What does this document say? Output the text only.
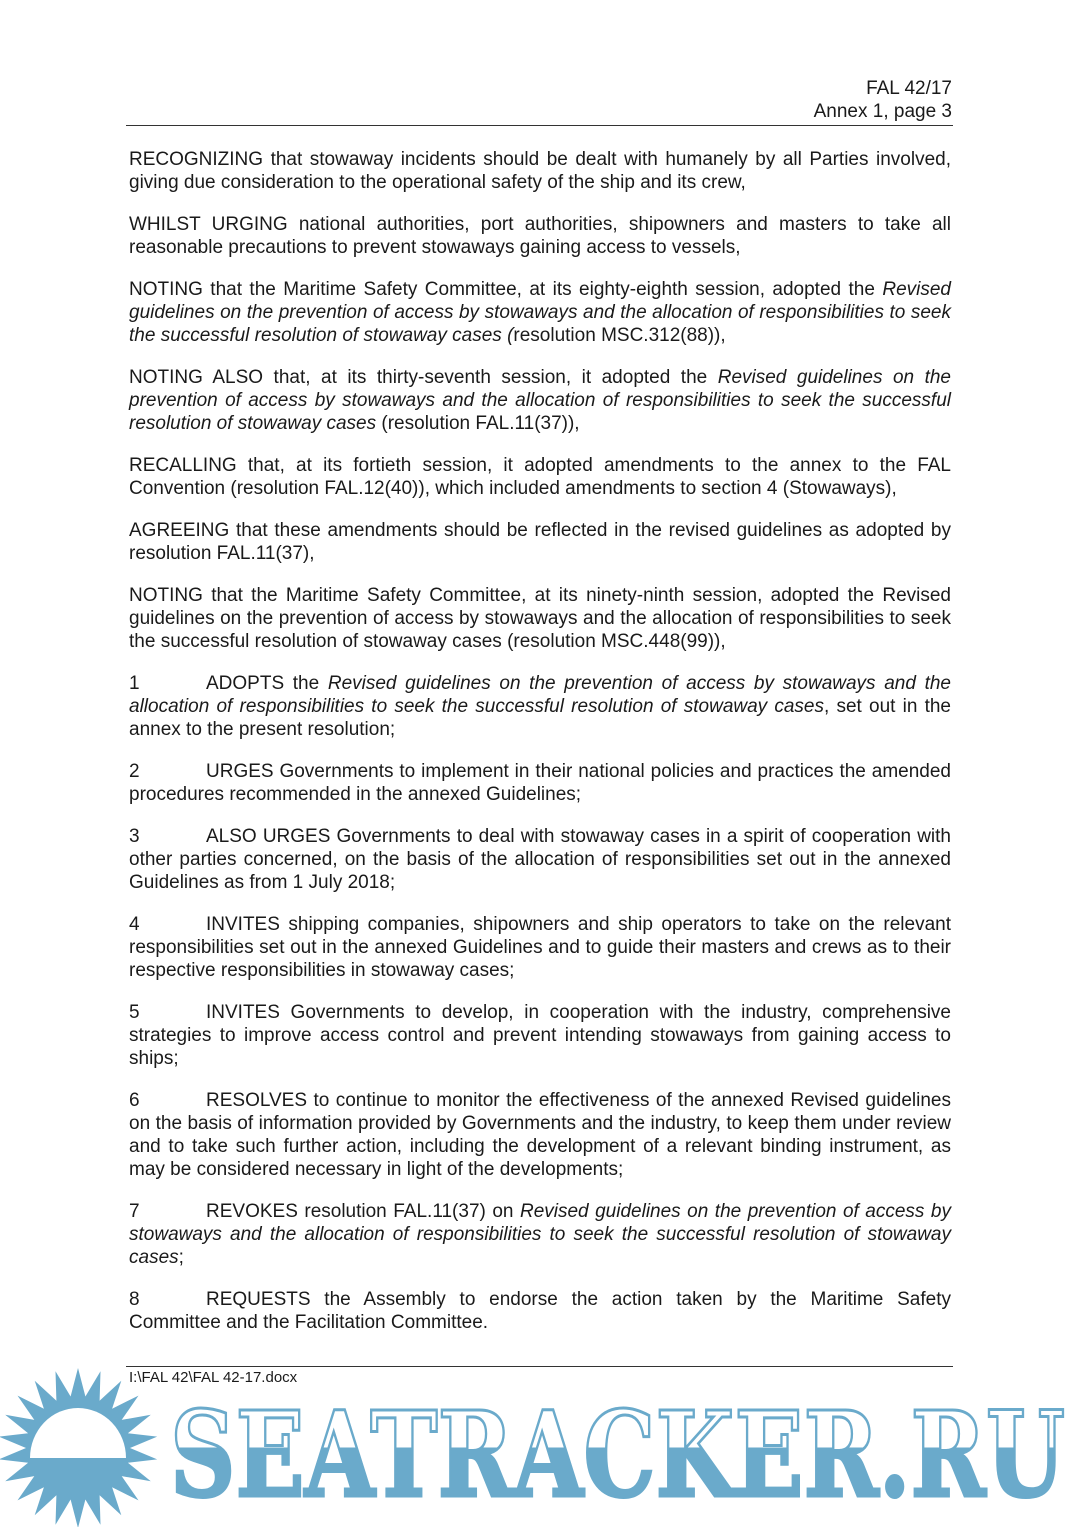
FAL 42/17
Annex 1, page 3

RECOGNIZING that stowaway incidents should be dealt with humanely by all Parties involved, giving due consideration to the operational safety of the ship and its crew,

WHILST URGING national authorities, port authorities, shipowners and masters to take all reasonable precautions to prevent stowaways gaining access to vessels,

NOTING that the Maritime Safety Committee, at its eighty-eighth session, adopted the Revised guidelines on the prevention of access by stowaways and the allocation of responsibilities to seek the successful resolution of stowaway cases (resolution MSC.312(88)),

NOTING ALSO that, at its thirty-seventh session, it adopted the Revised guidelines on the prevention of access by stowaways and the allocation of responsibilities to seek the successful resolution of stowaway cases (resolution FAL.11(37)),

RECALLING that, at its fortieth session, it adopted amendments to the annex to the FAL Convention (resolution FAL.12(40)), which included amendments to section 4 (Stowaways),

AGREEING that these amendments should be reflected in the revised guidelines as adopted by resolution FAL.11(37),

NOTING that the Maritime Safety Committee, at its ninety-ninth session, adopted the Revised guidelines on the prevention of access by stowaways and the allocation of responsibilities to seek the successful resolution of stowaway cases (resolution MSC.448(99)),

1	ADOPTS the Revised guidelines on the prevention of access by stowaways and the allocation of responsibilities to seek the successful resolution of stowaway cases, set out in the annex to the present resolution;

2	URGES Governments to implement in their national policies and practices the amended procedures recommended in the annexed Guidelines;

3	ALSO URGES Governments to deal with stowaway cases in a spirit of cooperation with other parties concerned, on the basis of the allocation of responsibilities set out in the annexed Guidelines as from 1 July 2018;

4	INVITES shipping companies, shipowners and ship operators to take on the relevant responsibilities set out in the annexed Guidelines and to guide their masters and crews as to their respective responsibilities in stowaway cases;

5	INVITES Governments to develop, in cooperation with the industry, comprehensive strategies to improve access control and prevent intending stowaways from gaining access to ships;

6	RESOLVES to continue to monitor the effectiveness of the annexed Revised guidelines on the basis of information provided by Governments and the industry, to keep them under review and to take such further action, including the development of a relevant binding instrument, as may be considered necessary in light of the developments;

7	REVOKES resolution FAL.11(37) on Revised guidelines on the prevention of access by stowaways and the allocation of responsibilities to seek the successful resolution of stowaway cases;

8	REQUESTS the Assembly to endorse the action taken by the Maritime Safety Committee and the Facilitation Committee.

SEATRACKER.RU
I:\FAL 42\FAL 42-17.docx
